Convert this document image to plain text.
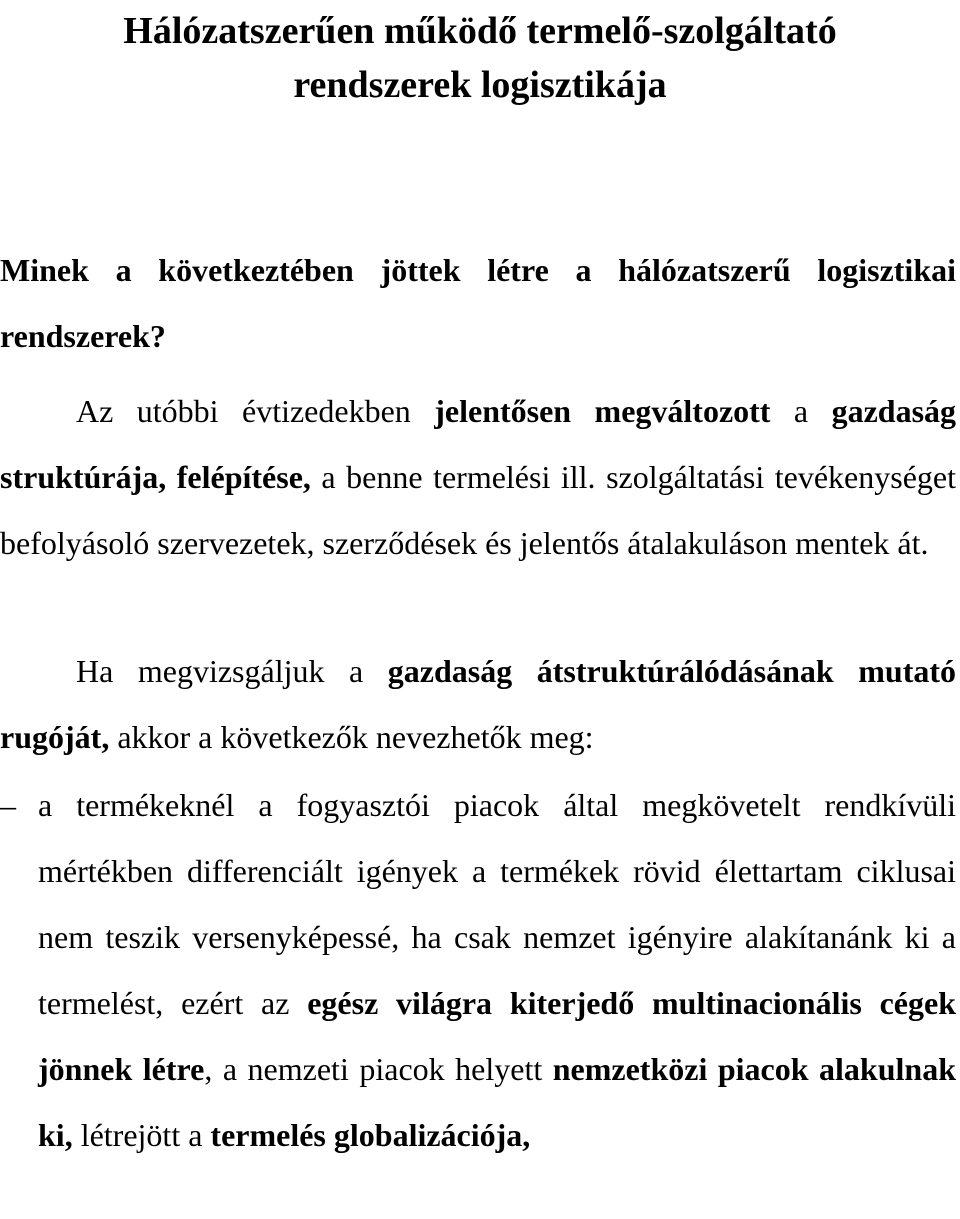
Hálózatszerűen működő termelő-szolgáltató
rendszerek logisztikája

Minek a következtében jöttek létre a hálózatszerű logisztikai rendszerek?

Az utóbbi évtizedekben jelentősen megváltozott a gazdaság struktúrája, felépítése, a benne termelési ill. szolgáltatási tevékenységet befolyásoló szervezetek, szerződések és jelentős átalakuláson mentek át.

Ha megvizsgáljuk a gazdaság átstruktúrálódásának mutató rugóját, akkor a következők nevezhetők meg:

– a termékeknél a fogyasztói piacok által megkövetelt rendkívüli mértékben differenciált igények a termékek rövid élettartam ciklusai nem teszik versenyképessé, ha csak nemzet igényire alakítanánk ki a termelést, ezért az egész világra kiterjedő multinacionális cégek jönnek létre, a nemzeti piacok helyett nemzetközi piacok alakulnak ki, létrejött a termelés globalizációja,
